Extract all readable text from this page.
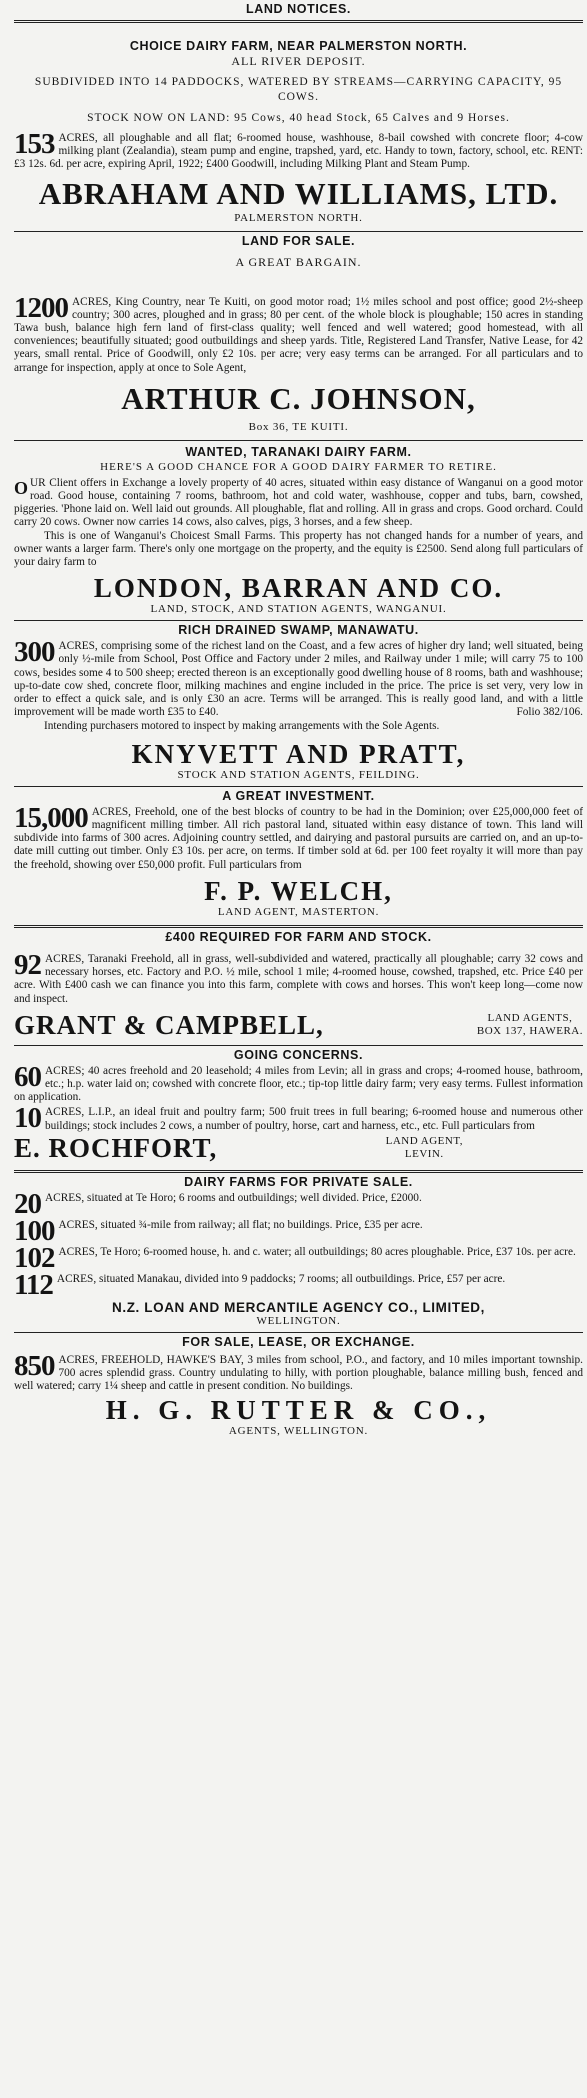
LAND NOTICES.
CHOICE DAIRY FARM, NEAR PALMERSTON NORTH.
ALL RIVER DEPOSIT.
SUBDIVIDED INTO 14 PADDOCKS, WATERED BY STREAMS—CARRYING CAPACITY, 95 COWS.
STOCK NOW ON LAND: 95 Cows, 40 head Stock, 65 Calves and 9 Horses.
153 ACRES, all ploughable and all flat; 6-roomed house, washhouse, 8-bail cowshed with concrete floor; 4-cow milking plant (Zealandia), steam pump and engine, trapshed, yard, etc. Handy to town, factory, school, etc. RENT: £3 12s. 6d. per acre, expiring April, 1922; £400 Goodwill, including Milking Plant and Steam Pump.

ABRAHAM AND WILLIAMS, LTD.
PALMERSTON NORTH.
LAND FOR SALE.
A GREAT BARGAIN.
1200 ACRES, King Country, near Te Kuiti, on good motor road; 1½ miles school and post office; good 2½-sheep country; 300 acres, ploughed and in grass; 80 per cent. of the whole block is ploughable; 150 acres in standing Tawa bush, balance high fern land of first-class quality; well fenced and well watered; good homestead, with all conveniences; beautifully situated; good outbuildings and sheep yards. Title, Registered Land Transfer, Native Lease, for 42 years, small rental. Price of Goodwill, only £2 10s. per acre; very easy terms can be arranged. For all particulars and to arrange for inspection, apply at once to Sole Agent,

ARTHUR C. JOHNSON,
Box 36, TE KUITI.
WANTED, TARANAKI DAIRY FARM.
HERE'S A GOOD CHANCE FOR A GOOD DAIRY FARMER TO RETIRE.
O UR Client offers in Exchange a lovely property of 40 acres, situated within easy distance of Wanganui on a good motor road. Good house, containing 7 rooms, bathroom, hot and cold water, washhouse, copper and tubs, barn, cowshed, piggeries. 'Phone laid on. Well laid out grounds. All ploughable, flat and rolling. All in grass and crops. Good orchard. Could carry 20 cows. Owner now carries 14 cows, also calves, pigs, 3 horses, and a few sheep.

This is one of Wanganui's Choicest Small Farms. This property has not changed hands for a number of years, and owner wants a larger farm. There's only one mortgage on the property, and the equity is £2500. Send along full particulars of your dairy farm to

LONDON, BARRAN AND CO.
LAND, STOCK, AND STATION AGENTS, WANGANUI.
RICH DRAINED SWAMP, MANAWATU.
300 ACRES, comprising some of the richest land on the Coast, and a few acres of higher dry land; well situated, being only ½-mile from School, Post Office and Factory under 2 miles, and Railway under 1 mile; will carry 75 to 100 cows, besides some 4 to 500 sheep; erected thereon is an exceptionally good dwelling house of 8 rooms, bath and washhouse; up-to-date cow shed, concrete floor, milking machines and engine included in the price. The price is set very, very low in order to effect a quick sale, and is only £30 an acre. Terms will be arranged. This is really good land, and with a little improvement will be made worth £35 to £40.	Folio 382/106.

Intending purchasers motored to inspect by making arrangements with the Sole Agents.

KNYVETT AND PRATT,
STOCK AND STATION AGENTS, FEILDING.
A GREAT INVESTMENT.
15,000 ACRES, Freehold, one of the best blocks of country to be had in the Dominion; over £25,000,000 feet of magnificent milling timber. All rich pastoral land, situated within easy distance of town. This land will subdivide into farms of 300 acres. Adjoining country settled, and dairying and pastoral pursuits are carried on, and an up-to-date mill cutting out timber. Only £3 10s. per acre, on terms. If timber sold at 6d. per 100 feet royalty it will more than pay the freehold, showing over £50,000 profit. Full particulars from

F. P. WELCH,
LAND AGENT, MASTERTON.
£400 REQUIRED FOR FARM AND STOCK.
92 ACRES, Taranaki Freehold, all in grass, well-subdivided and watered, practically all ploughable; carry 32 cows and necessary horses, etc. Factory and P.O. ½ mile, school 1 mile; 4-roomed house, cowshed, trapshed, etc. Price £40 per acre. With £400 cash we can finance you into this farm, complete with cows and horses. This won't keep long—come now and inspect.

GRANT & CAMPBELL,	LAND AGENTS,
BOX 137, HAWERA.
GOING CONCERNS.
60 ACRES; 40 acres freehold and 20 leasehold; 4 miles from Levin; all in grass and crops; 4-roomed house, bathroom, etc.; h.p. water laid on; cowshed with concrete floor, etc.; tip-top little dairy farm; very easy terms. Fullest information on application.

10 ACRES, L.I.P., an ideal fruit and poultry farm; 500 fruit trees in full bearing; 6-roomed house and numerous other buildings; stock includes 2 cows, a number of poultry, horse, cart and harness, etc., etc. Full particulars from

E. ROCHFORT,	LAND AGENT,
LEVIN.
DAIRY FARMS FOR PRIVATE SALE.
20 ACRES, situated at Te Horo; 6 rooms and outbuildings; well divided. Price, £2000.

100 ACRES, situated ¾-mile from railway; all flat; no buildings. Price, £35 per acre.

102 ACRES, Te Horo; 6-roomed house, h. and c. water; all outbuildings; 80 acres ploughable. Price, £37 10s. per acre.

112 ACRES, situated Manakau, divided into 9 paddocks; 7 rooms; all outbuildings. Price, £57 per acre.

N.Z. LOAN AND MERCANTILE AGENCY CO., LIMITED,
WELLINGTON.
FOR SALE, LEASE, OR EXCHANGE.
850 ACRES, FREEHOLD, HAWKE'S BAY, 3 miles from school, P.O., and factory, and 10 miles important township. 700 acres splendid grass. Country undulating to hilly, with portion ploughable, balance milling bush, fenced and well watered; carry 1¼ sheep and cattle in present condition. No buildings.

H. G. RUTTER & CO.,
AGENTS, WELLINGTON.
